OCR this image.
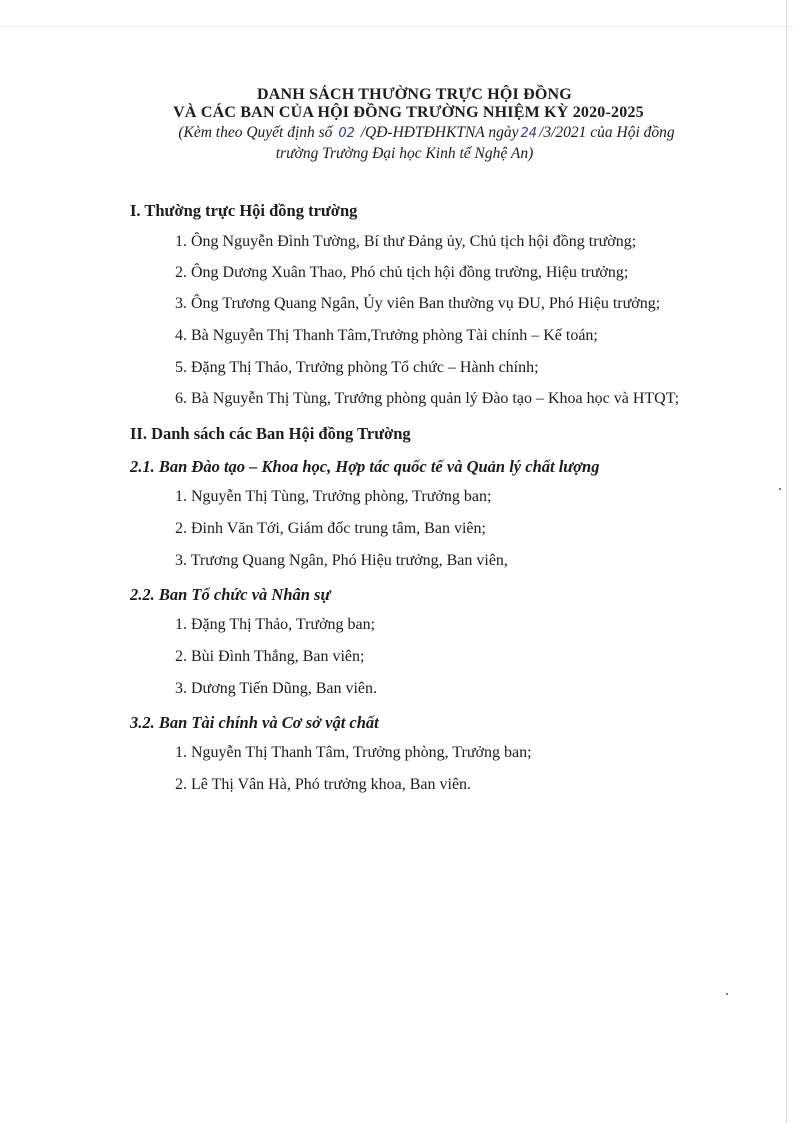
DANH SÁCH THƯỜNG TRỰC HỘI ĐỒNG
VÀ CÁC BAN CỦA HỘI ĐỒNG TRƯỜNG NHIỆM KỲ 2020-2025
(Kèm theo Quyết định số 02 /QĐ-HĐTĐHKTNA ngày 24 /3/2021 của Hội đồng
trường Trường Đại học Kinh tế Nghệ An)
I. Thường trực Hội đồng trường
1. Ông Nguyễn Đình Tường, Bí thư Đảng ủy, Chủ tịch hội đồng trường;
2. Ông Dương Xuân Thao, Phó chủ tịch hội đồng trường, Hiệu trưởng;
3. Ông Trương Quang Ngân, Ủy viên Ban thường vụ ĐU, Phó Hiệu trưởng;
4. Bà Nguyễn Thị Thanh Tâm,Trưởng phòng Tài chính – Kế toán;
5. Đặng Thị Thảo, Trưởng phòng Tổ chức – Hành chính;
6. Bà Nguyễn Thị Tùng, Trưởng phòng quản lý Đào tạo – Khoa học và HTQT;
II. Danh sách các Ban Hội đồng Trường
2.1. Ban Đào tạo – Khoa học, Hợp tác quốc tế và Quản lý chất lượng
1. Nguyễn Thị Tùng, Trưởng phòng, Trưởng ban;
2. Đinh Văn Tới, Giám đốc trung tâm, Ban viên;
3. Trương Quang Ngân, Phó Hiệu trưởng, Ban viên,
2.2. Ban Tổ chức và Nhân sự
1. Đặng Thị Thảo, Trưởng ban;
2. Bùi Đình Thắng, Ban viên;
3. Dương Tiến Dũng, Ban viên.
3.2. Ban Tài chính và Cơ sở vật chất
1. Nguyễn Thị Thanh Tâm, Trưởng phòng, Trưởng ban;
2. Lê Thị Vân Hà, Phó trưởng khoa, Ban viên.
